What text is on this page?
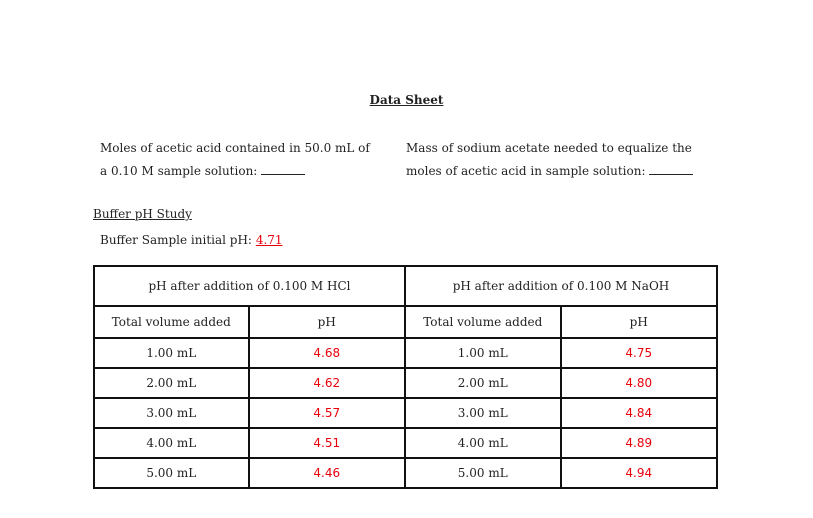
Data Sheet
Moles of acetic acid contained in 50.0 mL of
a 0.10 M sample solution:
Mass of sodium acetate needed to equalize the
moles of acetic acid in sample solution:
Buffer pH Study
Buffer Sample initial pH: 4.71
pH after addition of 0.100 M HCl		pH after addition of 0.100 M NaOH	
Total volume added	pH	Total volume added	pH
1.00 mL	4.68	1.00 mL	4.75
2.00 mL	4.62	2.00 mL	4.80
3.00 mL	4.57	3.00 mL	4.84
4.00 mL	4.51	4.00 mL	4.89
5.00 mL	4.46	5.00 mL	4.94
